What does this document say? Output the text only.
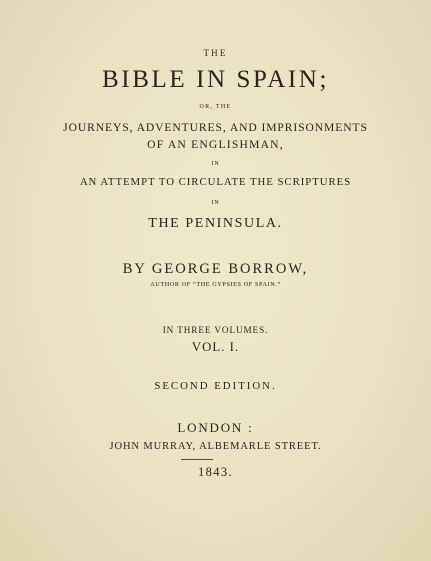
THE
BIBLE IN SPAIN;
OR, THE
JOURNEYS, ADVENTURES, AND IMPRISONMENTS
OF AN ENGLISHMAN,
IN
AN ATTEMPT TO CIRCULATE THE SCRIPTURES
IN
THE PENINSULA.
BY GEORGE BORROW,
AUTHOR OF “THE GYPSIES OF SPAIN.”
IN THREE VOLUMES.
VOL. I.
SECOND EDITION.
LONDON :
JOHN MURRAY, ALBEMARLE STREET.
1843.
